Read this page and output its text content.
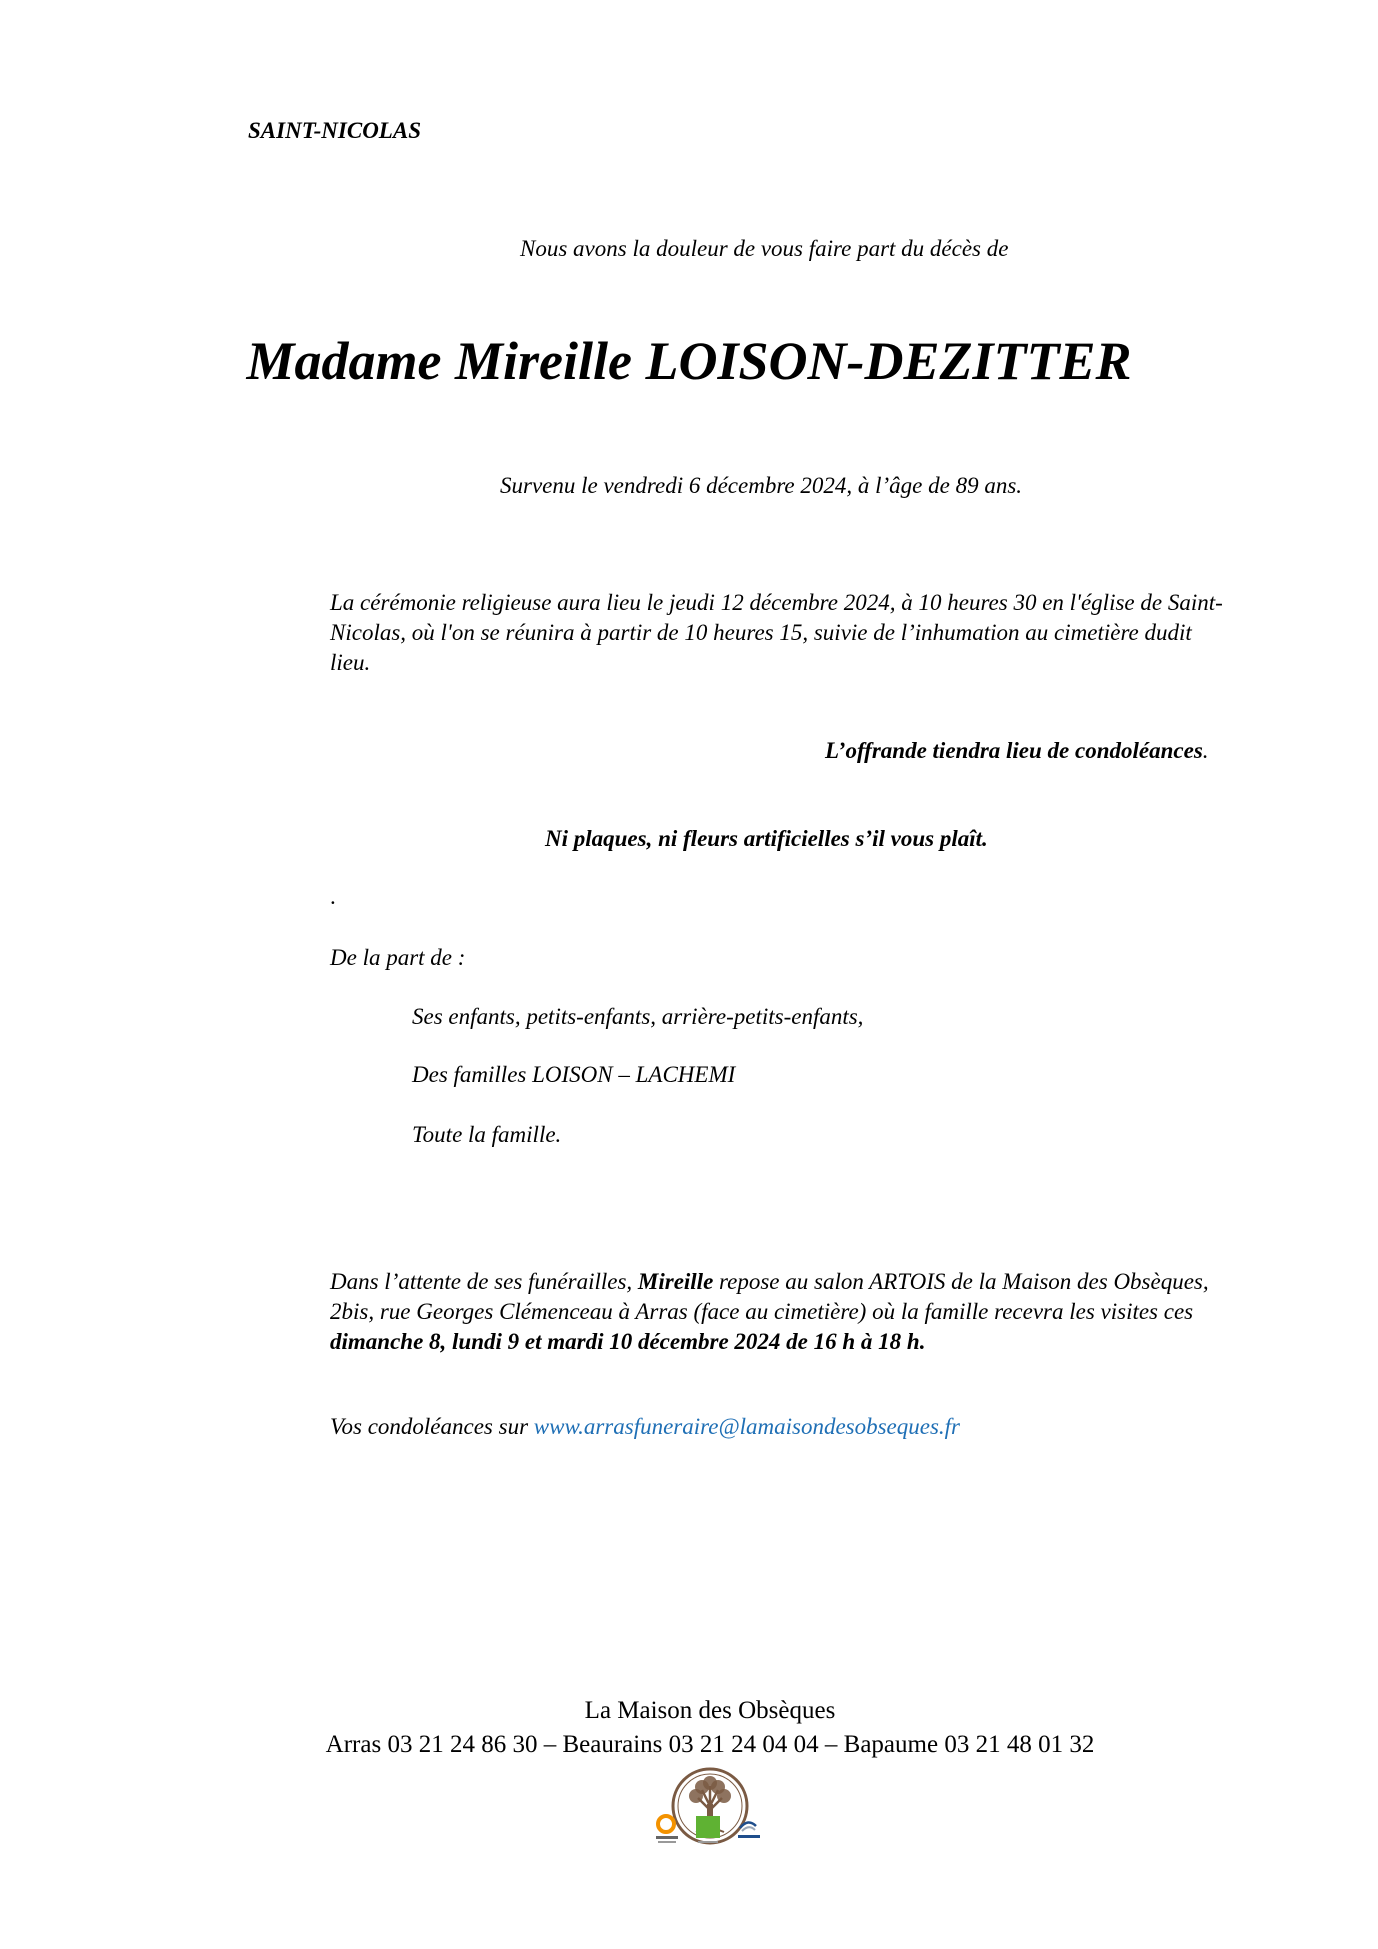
SAINT-NICOLAS
Nous avons la douleur de vous faire part du décès de
Madame Mireille LOISON-DEZITTER
Survenu le vendredi 6 décembre 2024, à l’âge de 89 ans.
La cérémonie religieuse aura lieu le jeudi 12 décembre 2024, à 10 heures 30 en l'église de Saint-Nicolas, où l'on se réunira à partir de 10 heures 15, suivie de l’inhumation au cimetière dudit lieu.
L’offrande tiendra lieu de condoléances.
Ni plaques, ni fleurs artificielles s’il vous plaît.
.
De la part de :
Ses enfants, petits-enfants, arrière-petits-enfants,
Des familles LOISON – LACHEMI
Toute la famille.
Dans l’attente de ses funérailles, Mireille repose au salon ARTOIS de la Maison des Obsèques, 2bis, rue Georges Clémenceau à Arras (face au cimetière) où la famille recevra les visites ces dimanche 8, lundi 9 et mardi 10 décembre 2024 de 16 h à 18 h.
Vos condoléances sur www.arrasfuneraire@lamaisondesobseques.fr
La Maison des Obsèques
Arras 03 21 24 86 30 – Beaurains 03 21 24 04 04 – Bapaume 03 21 48 01 32
